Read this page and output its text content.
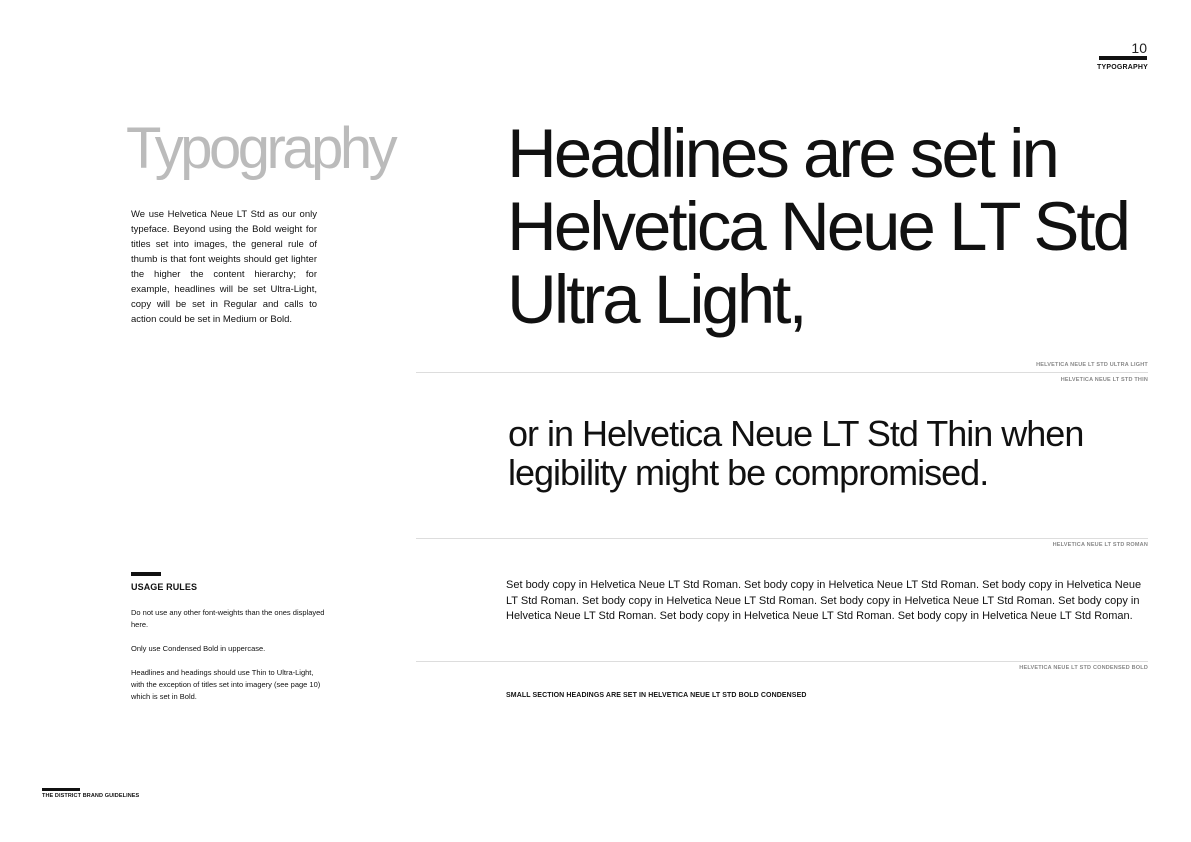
10
TYPOGRAPHY
Typography

We use Helvetica Neue LT Std as our only typeface. Beyond using the Bold weight for titles set into images, the general rule of thumb is that font weights should get lighter the higher the content hierarchy; for example, headlines will be set Ultra-Light, copy will be set in Regular and calls to action could be set in Medium or Bold.

Headlines are set in
Helvetica Neue LT Std
Ultra Light,
HELVETICA NEUE LT STD ULTRA LIGHT
HELVETICA NEUE LT STD THIN
or in Helvetica Neue LT Std Thin when
legibility might be compromised.
HELVETICA NEUE LT STD ROMAN

Set body copy in Helvetica Neue LT Std Roman. Set body copy in Helvetica Neue LT Std Roman. Set body copy in Helvetica Neue LT Std Roman. Set body copy in Helvetica Neue LT Std Roman. Set body copy in Helvetica Neue LT Std Roman. Set body copy in Helvetica Neue LT Std Roman. Set body copy in Helvetica Neue LT Std Roman. Set body copy in Helvetica Neue LT Std Roman.

HELVETICA NEUE LT STD CONDENSED BOLD
SMALL SECTION HEADINGS ARE SET IN HELVETICA NEUE LT STD BOLD CONDENSED
USAGE RULES

Do not use any other font-weights than the ones displayed here.

Only use Condensed Bold in uppercase.

Headlines and headings should use Thin to Ultra-Light, with the exception of titles set into imagery (see page 10) which is set in Bold.

THE DISTRICT BRAND GUIDELINES
